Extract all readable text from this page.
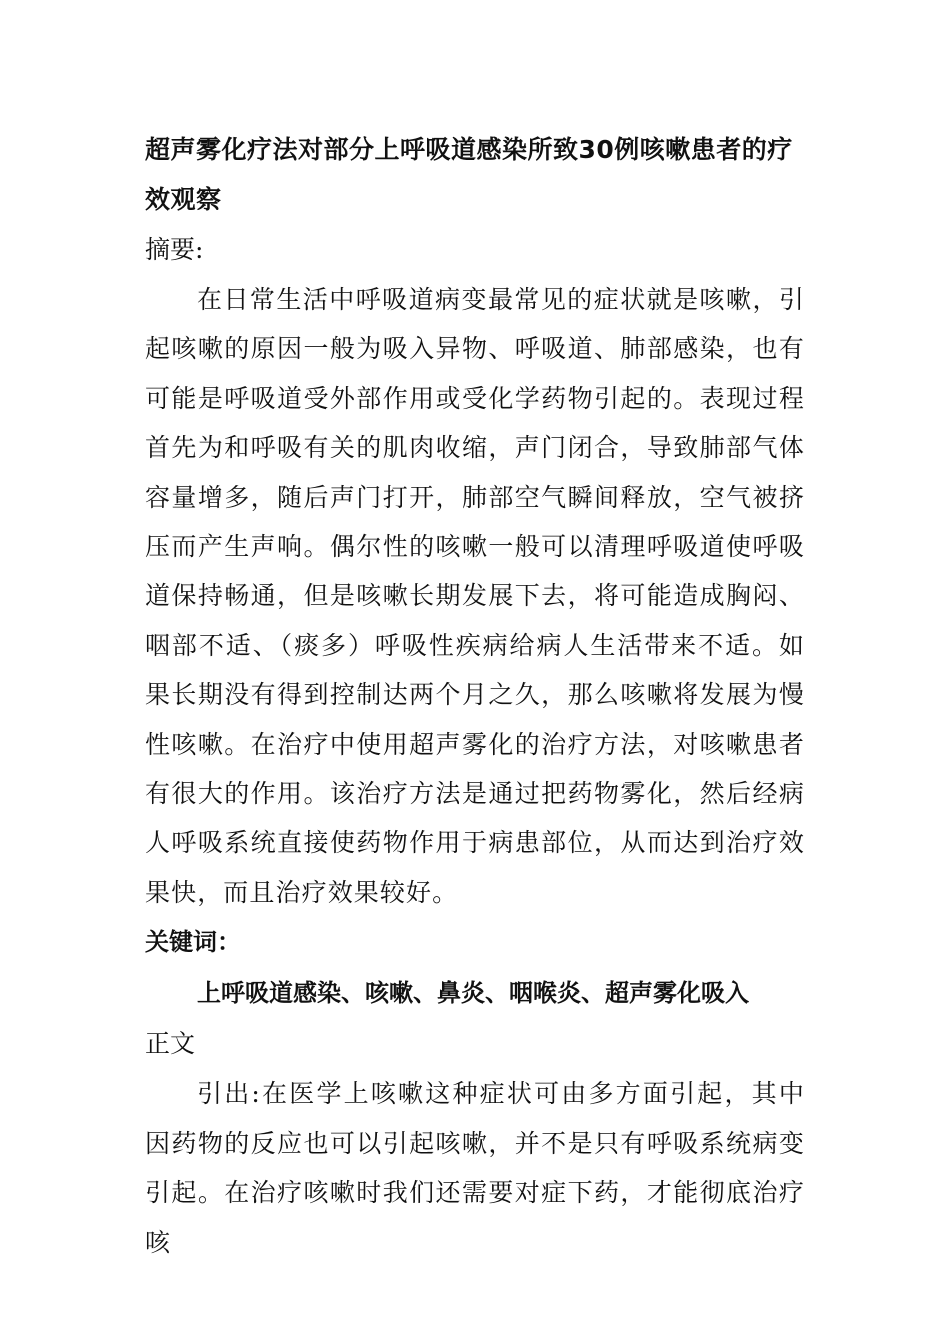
超声雾化疗法对部分上呼吸道感染所致30例咳嗽患者的疗效观察

摘要:

在日常生活中呼吸道病变最常见的症状就是咳嗽，引起咳嗽的原因一般为吸入异物、呼吸道、肺部感染，也有可能是呼吸道受外部作用或受化学药物引起的。表现过程首先为和呼吸有关的肌肉收缩，声门闭合，导致肺部气体容量增多，随后声门打开，肺部空气瞬间释放，空气被挤压而产生声响。偶尔性的咳嗽一般可以清理呼吸道使呼吸道保持畅通，但是咳嗽长期发展下去，将可能造成胸闷、咽部不适、（痰多）呼吸性疾病给病人生活带来不适。如果长期没有得到控制达两个月之久，那么咳嗽将发展为慢性咳嗽。在治疗中使用超声雾化的治疗方法，对咳嗽患者有很大的作用。该治疗方法是通过把药物雾化，然后经病人呼吸系统直接使药物作用于病患部位，从而达到治疗效果快，而且治疗效果较好。

关键词：

上呼吸道感染、咳嗽、鼻炎、咽喉炎、超声雾化吸入

正文

引出:在医学上咳嗽这种症状可由多方面引起，其中因药物的反应也可以引起咳嗽，并不是只有呼吸系统病变引起。在治疗咳嗽时我们还需要对症下药，才能彻底治疗咳
